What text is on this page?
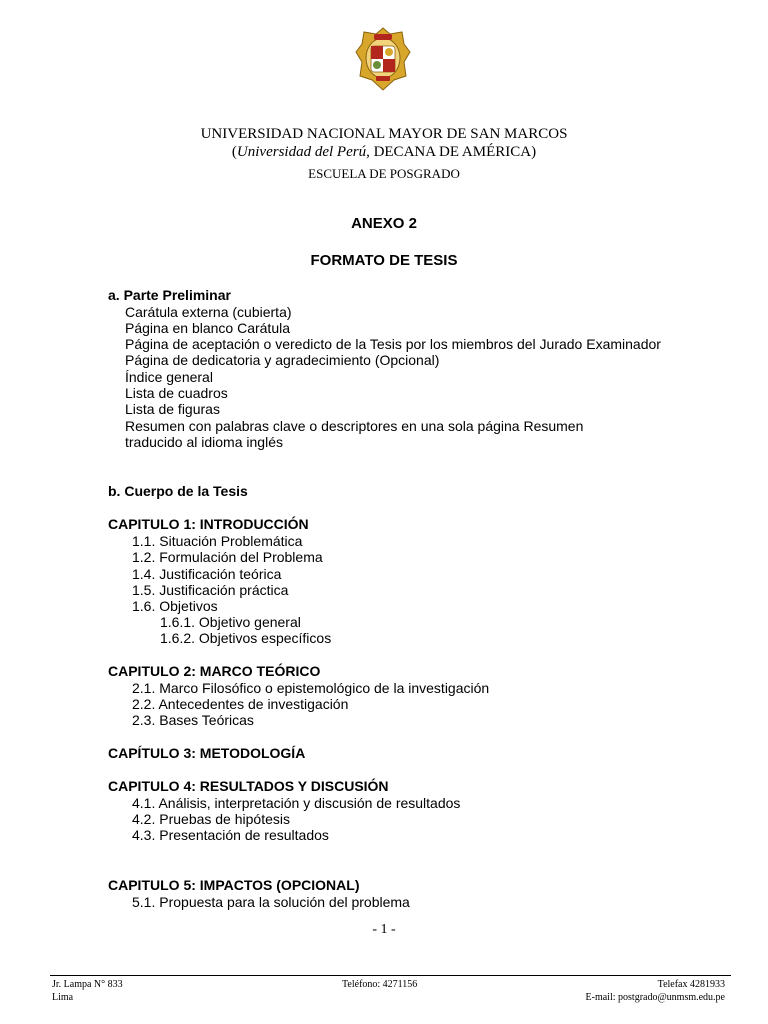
UNIVERSIDAD NACIONAL MAYOR DE SAN MARCOS
(Universidad del Perú, DECANA DE AMÉRICA)
ESCUELA DE POSGRADO
ANEXO 2
FORMATO DE TESIS
a. Parte Preliminar
Carátula externa (cubierta)
Página en blanco Carátula
Página de aceptación o veredicto de la Tesis por los miembros del Jurado Examinador
Página de dedicatoria y agradecimiento (Opcional)
Índice general
Lista de cuadros
Lista de figuras
Resumen con palabras clave o descriptores en una sola página Resumen
traducido al idioma inglés
b. Cuerpo de la Tesis
CAPITULO 1: INTRODUCCIÓN
1.1. Situación Problemática
1.2. Formulación del Problema
1.4. Justificación teórica
1.5. Justificación práctica
1.6. Objetivos
1.6.1. Objetivo general
1.6.2. Objetivos específicos
CAPITULO 2: MARCO TEÓRICO
2.1. Marco Filosófico o epistemológico de la investigación
2.2. Antecedentes de investigación
2.3. Bases Teóricas
CAPÍTULO 3: METODOLOGÍA
CAPITULO 4: RESULTADOS Y DISCUSIÓN
4.1. Análisis, interpretación y discusión de resultados
4.2. Pruebas de hipótesis
4.3. Presentación de resultados
CAPITULO 5: IMPACTOS (OPCIONAL)
5.1. Propuesta para la solución del problema
- 1 -
Jr. Lampa N° 833
Lima
Teléfono: 4271156	Telefax 4281933
E-mail: postgrado@unmsm.edu.pe
